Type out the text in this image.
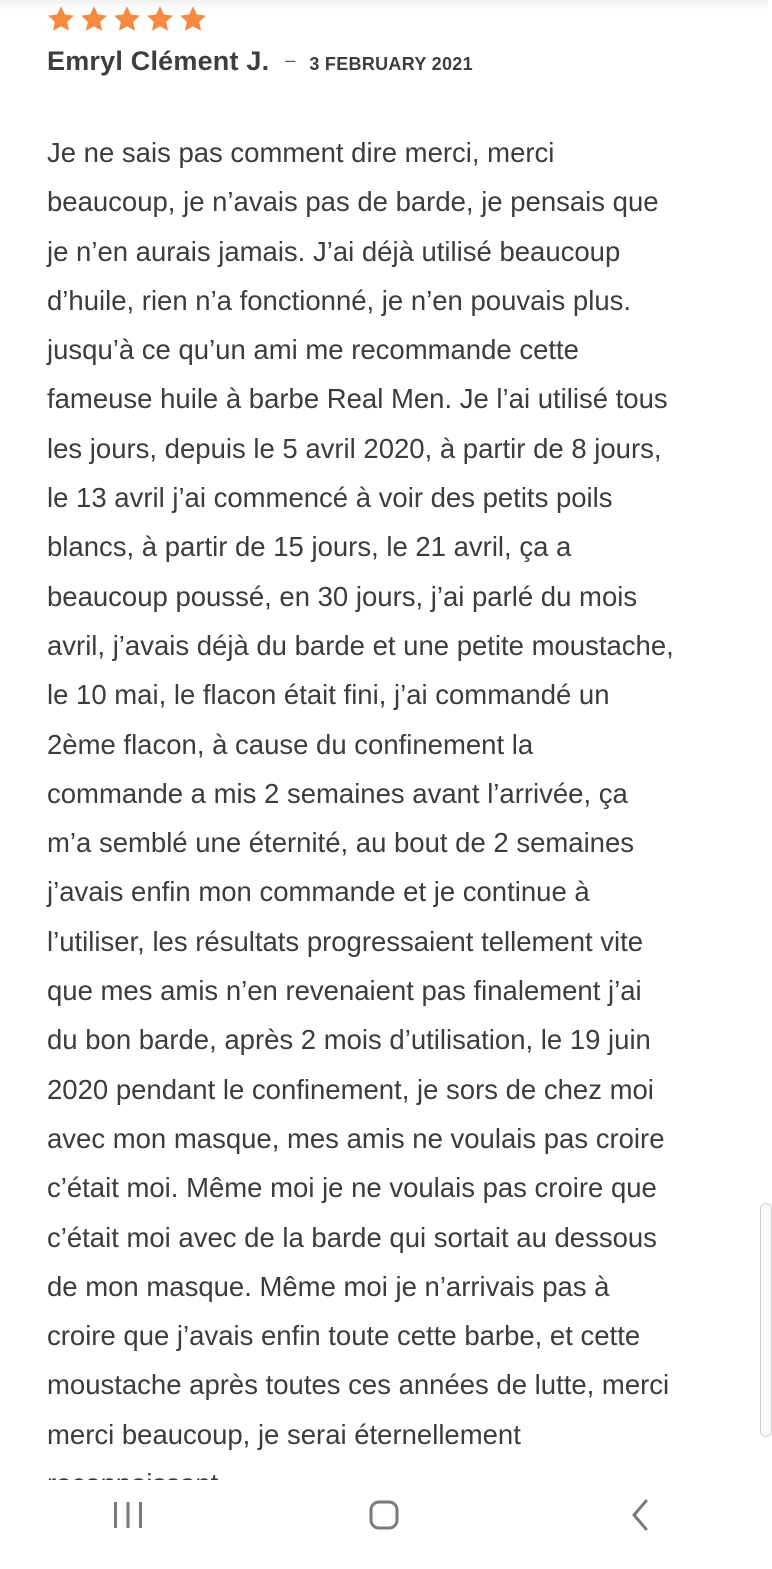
Emryl Clément J. – 3 FEBRUARY 2021
Je ne sais pas comment dire merci, merci
beaucoup, je n’avais pas de barde, je pensais que
je n’en aurais jamais. J’ai déjà utilisé beaucoup
d’huile, rien n’a fonctionné, je n’en pouvais plus.
jusqu’à ce qu’un ami me recommande cette
fameuse huile à barbe Real Men. Je l’ai utilisé tous
les jours, depuis le 5 avril 2020, à partir de 8 jours,
le 13 avril j’ai commencé à voir des petits poils
blancs, à partir de 15 jours, le 21 avril, ça a
beaucoup poussé, en 30 jours, j’ai parlé du mois
avril, j’avais déjà du barde et une petite moustache,
le 10 mai, le flacon était fini, j’ai commandé un
2ème flacon, à cause du confinement la
commande a mis 2 semaines avant l’arrivée, ça
m’a semblé une éternité, au bout de 2 semaines
j’avais enfin mon commande et je continue à
l’utiliser, les résultats progressaient tellement vite
que mes amis n’en revenaient pas finalement j’ai
du bon barde, après 2 mois d’utilisation, le 19 juin
2020 pendant le confinement, je sors de chez moi
avec mon masque, mes amis ne voulais pas croire
c’était moi. Même moi je ne voulais pas croire que
c’était moi avec de la barde qui sortait au dessous
de mon masque. Même moi je n’arrivais pas à
croire que j’avais enfin toute cette barbe, et cette
moustache après toutes ces années de lutte, merci
merci beaucoup, je serai éternellement
